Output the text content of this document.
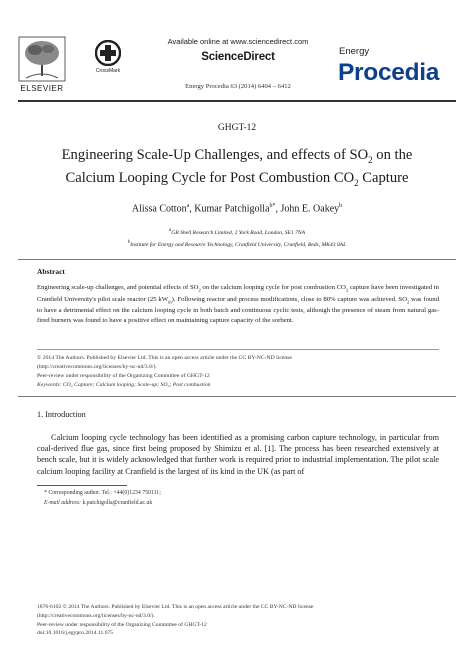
ELSEVIER
CrossMark
Available online at www.sciencedirect.com
ScienceDirect
Energy Procedia 63 (2014) 6404 – 6412
Energy
Procedia
GHGT-12
Engineering Scale-Up Challenges, and effects of $SO_2$ on the Calcium Looping Cycle for Post Combustion $CO_2$ Capture
Alissa Cotton$^a$, Kumar Patchigolla$^{b*}$, John E. Oakey$^b$
$^a$GB Shell Research Limited, 2 York Road, London, SE1 7NA
$^b$Institute for Energy and Resource Technology, Cranfield University, Cranfield, Beds, MK43 0AL
Abstract
Engineering scale-up challenges, and potential effects of $SO_2$ on the calcium looping cycle for post combustion $CO_2$ capture have been investigated in Cranfield University's pilot scale reactor (25 $kW_{th}$). Following reactor and process modifications, close to 80% capture was achieved. $SO_2$ was found to have a detrimental effect on the calcium looping cycle in both batch and continuous cyclic tests, although the presence of steam from natural gas-fired burners was found to have a positive effect on maintaining capture capacity of the sorbent.
© 2014 The Authors. Published by Elsevier Ltd. This is an open access article under the CC BY-NC-ND license
(http://creativecommons.org/licenses/by-nc-nd/3.0/).
Peer-review under responsibility of the Organizing Committee of GHGT-12
Keywords: CO₂ Capture; Calcium looping; Scale-up; SO₂; Post combustion
1. Introduction
Calcium looping cycle technology has been identified as a promising carbon capture technology, in particular from coal-derived flue gas, since first being proposed by Shimizu et al. [1]. The process has been researched extensively at bench scale, but it is widely acknowledged that further work is required prior to industrial implementation. The pilot scale calcium looping facility at Cranfield is the largest of its kind in the UK (as part of
* Corresponding author. Tel.: +44(0)1234 750111;
E-mail address: k.patchigolla@cranfield.ac.uk
1876-6102 © 2014 The Authors. Published by Elsevier Ltd. This is an open access article under the CC BY-NC-ND license
(http://creativecommons.org/licenses/by-nc-nd/3.0/).
Peer-review under responsibility of the Organizing Committee of GHGT-12
doi:10.1016/j.egypro.2014.11.675
